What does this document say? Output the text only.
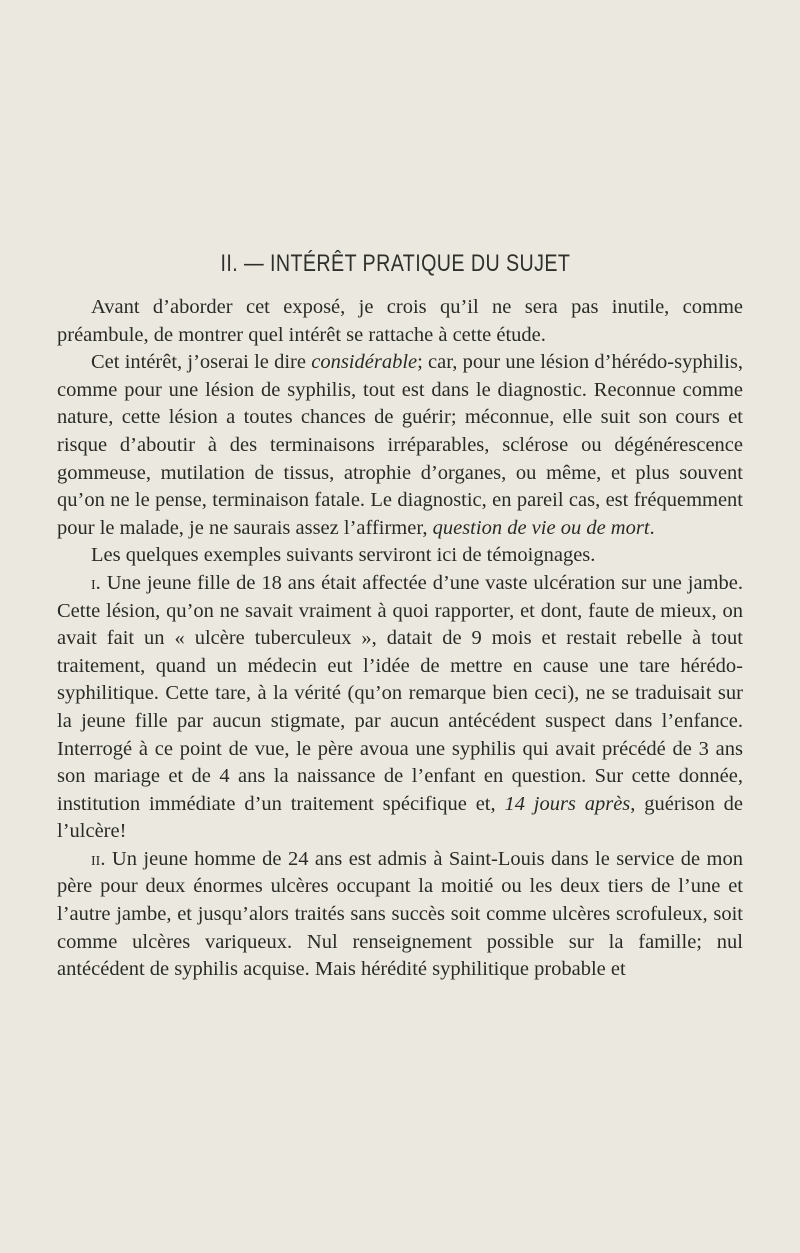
II. — INTÉRÊT PRATIQUE DU SUJET

Avant d’aborder cet exposé, je crois qu’il ne sera pas inutile, comme préambule, de montrer quel intérêt se rattache à cette étude.

Cet intérêt, j’oserai le dire considérable; car, pour une lésion d’hérédo-syphilis, comme pour une lésion de syphilis, tout est dans le diagnostic. Reconnue comme nature, cette lésion a toutes chances de guérir; méconnue, elle suit son cours et risque d’aboutir à des terminaisons irréparables, sclérose ou dégénérescence gommeuse, mutilation de tissus, atrophie d’organes, ou même, et plus souvent qu’on ne le pense, terminaison fatale. Le diagnostic, en pareil cas, est fréquemment pour le malade, je ne saurais assez l’affirmer, question de vie ou de mort.

Les quelques exemples suivants serviront ici de témoignages.

i. Une jeune fille de 18 ans était affectée d’une vaste ulcération sur une jambe. Cette lésion, qu’on ne savait vraiment à quoi rapporter, et dont, faute de mieux, on avait fait un « ulcère tuberculeux », datait de 9 mois et restait rebelle à tout traitement, quand un médecin eut l’idée de mettre en cause une tare hérédo-syphilitique. Cette tare, à la vérité (qu’on remarque bien ceci), ne se traduisait sur la jeune fille par aucun stigmate, par aucun antécédent suspect dans l’enfance. Interrogé à ce point de vue, le père avoua une syphilis qui avait précédé de 3 ans son mariage et de 4 ans la naissance de l’enfant en question. Sur cette donnée, institution immédiate d’un traitement spécifique et, 14 jours après, guérison de l’ulcère!

ii. Un jeune homme de 24 ans est admis à Saint-Louis dans le service de mon père pour deux énormes ulcères occupant la moitié ou les deux tiers de l’une et l’autre jambe, et jusqu’alors traités sans succès soit comme ulcères scrofuleux, soit comme ulcères variqueux. Nul renseignement possible sur la famille; nul antécédent de syphilis acquise. Mais hérédité syphilitique probable et
